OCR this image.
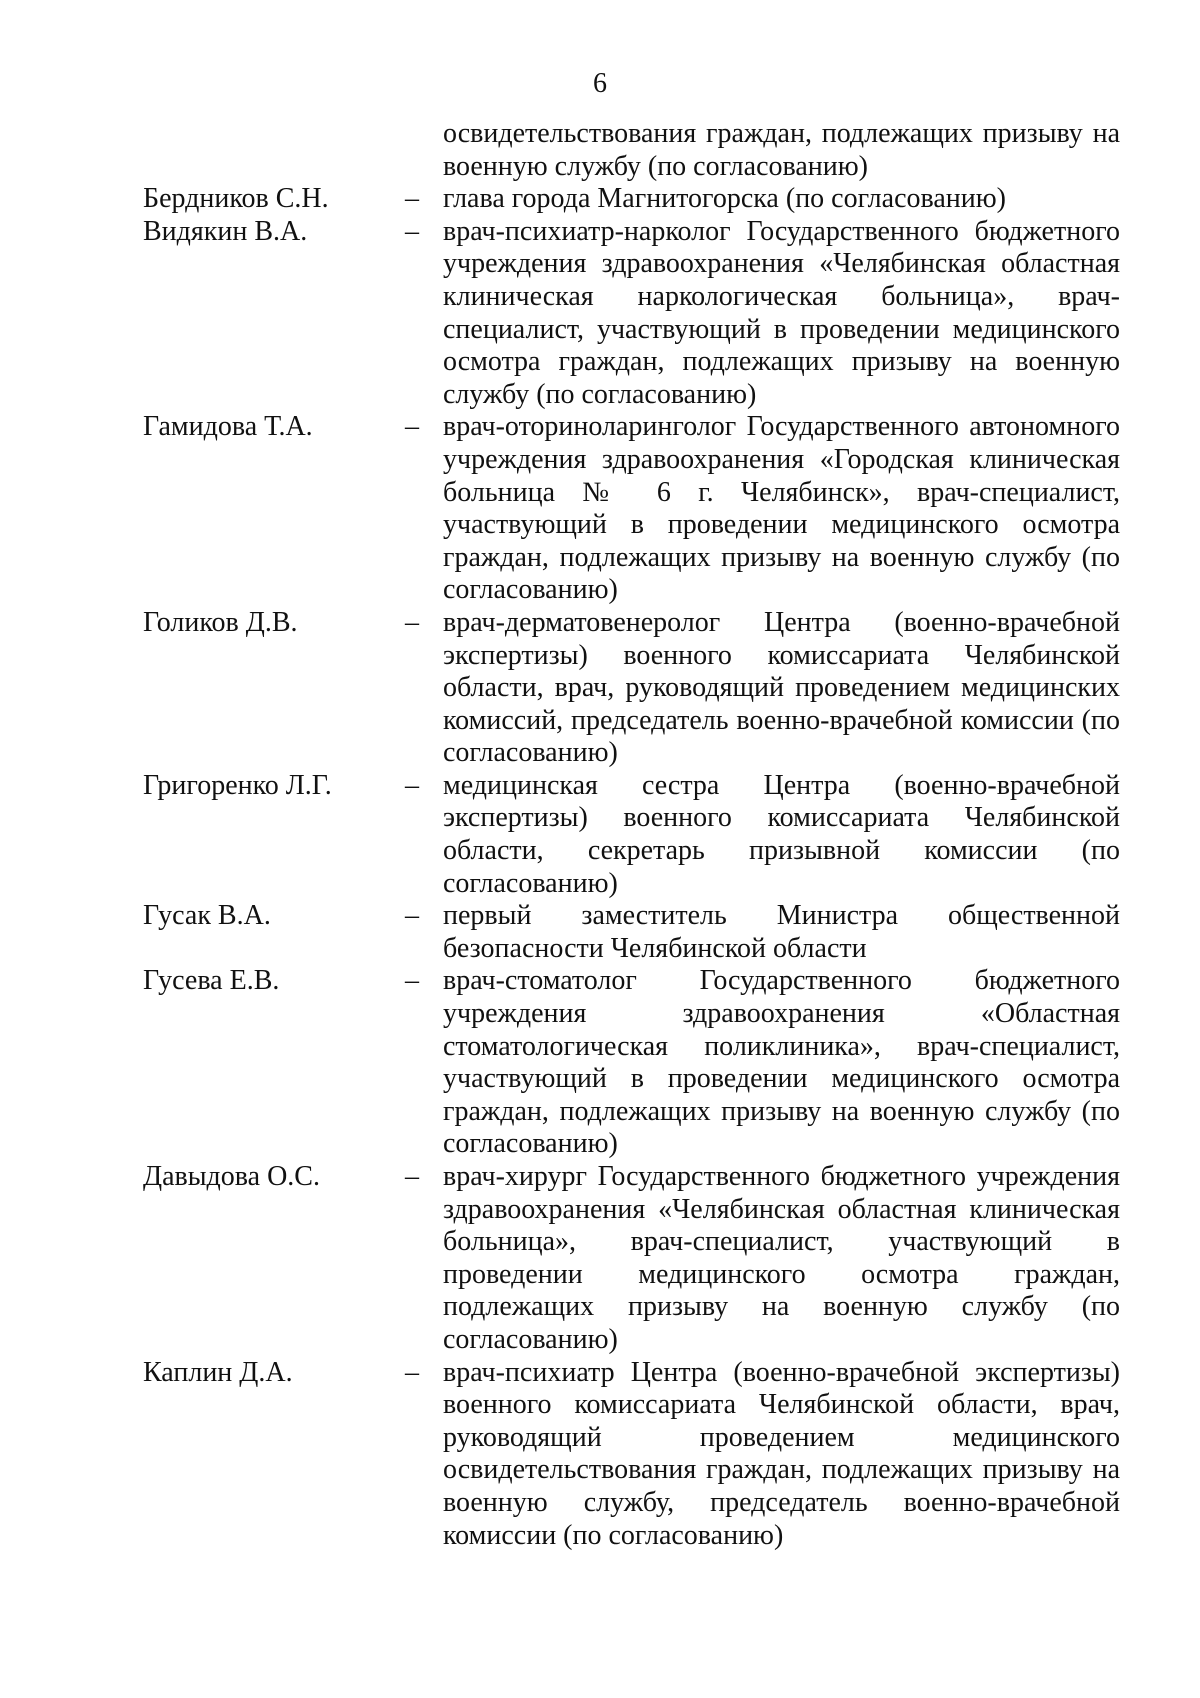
6
освидетельствования граждан, подлежащих призыву на военную службу (по согласованию)
Бердников С.Н.	– глава города Магнитогорска (по согласованию)
Видякин В.А.	– врач-психиатр-нарколог Государственного бюджетного учреждения здравоохранения «Челябинская областная клиническая наркологическая больница», врач-специалист, участвующий в проведении медицинского осмотра граждан, подлежащих призыву на военную службу (по согласованию)
Гамидова Т.А.	– врач-оториноларинголог Государственного автономного учреждения здравоохранения «Городская клиническая больница № 6 г. Челябинск», врач-специалист, участвующий в проведении медицинского осмотра граждан, подлежащих призыву на военную службу (по согласованию)
Голиков Д.В.	– врач-дерматовенеролог Центра (военно-врачебной экспертизы) военного комиссариата Челябинской области, врач, руководящий проведением медицинских комиссий, председатель военно-врачебной комиссии (по согласованию)
Григоренко Л.Г.	– медицинская сестра Центра (военно-врачебной экспертизы) военного комиссариата Челябинской области, секретарь призывной комиссии (по согласованию)
Гусак В.А.	– первый заместитель Министра общественной безопасности Челябинской области
Гусева Е.В.	– врач-стоматолог Государственного бюджетного учреждения здравоохранения «Областная стоматологическая поликлиника», врач-специалист, участвующий в проведении медицинского осмотра граждан, подлежащих призыву на военную службу (по согласованию)
Давыдова О.С.	– врач-хирург Государственного бюджетного учреждения здравоохранения «Челябинская областная клиническая больница», врач-специалист, участвующий в проведении медицинского осмотра граждан, подлежащих призыву на военную службу (по согласованию)
Каплин Д.А.	– врач-психиатр Центра (военно-врачебной экспертизы) военного комиссариата Челябинской области, врач, руководящий проведением медицинского освидетельствования граждан, подлежащих призыву на военную службу, председатель военно-врачебной комиссии (по согласованию)
